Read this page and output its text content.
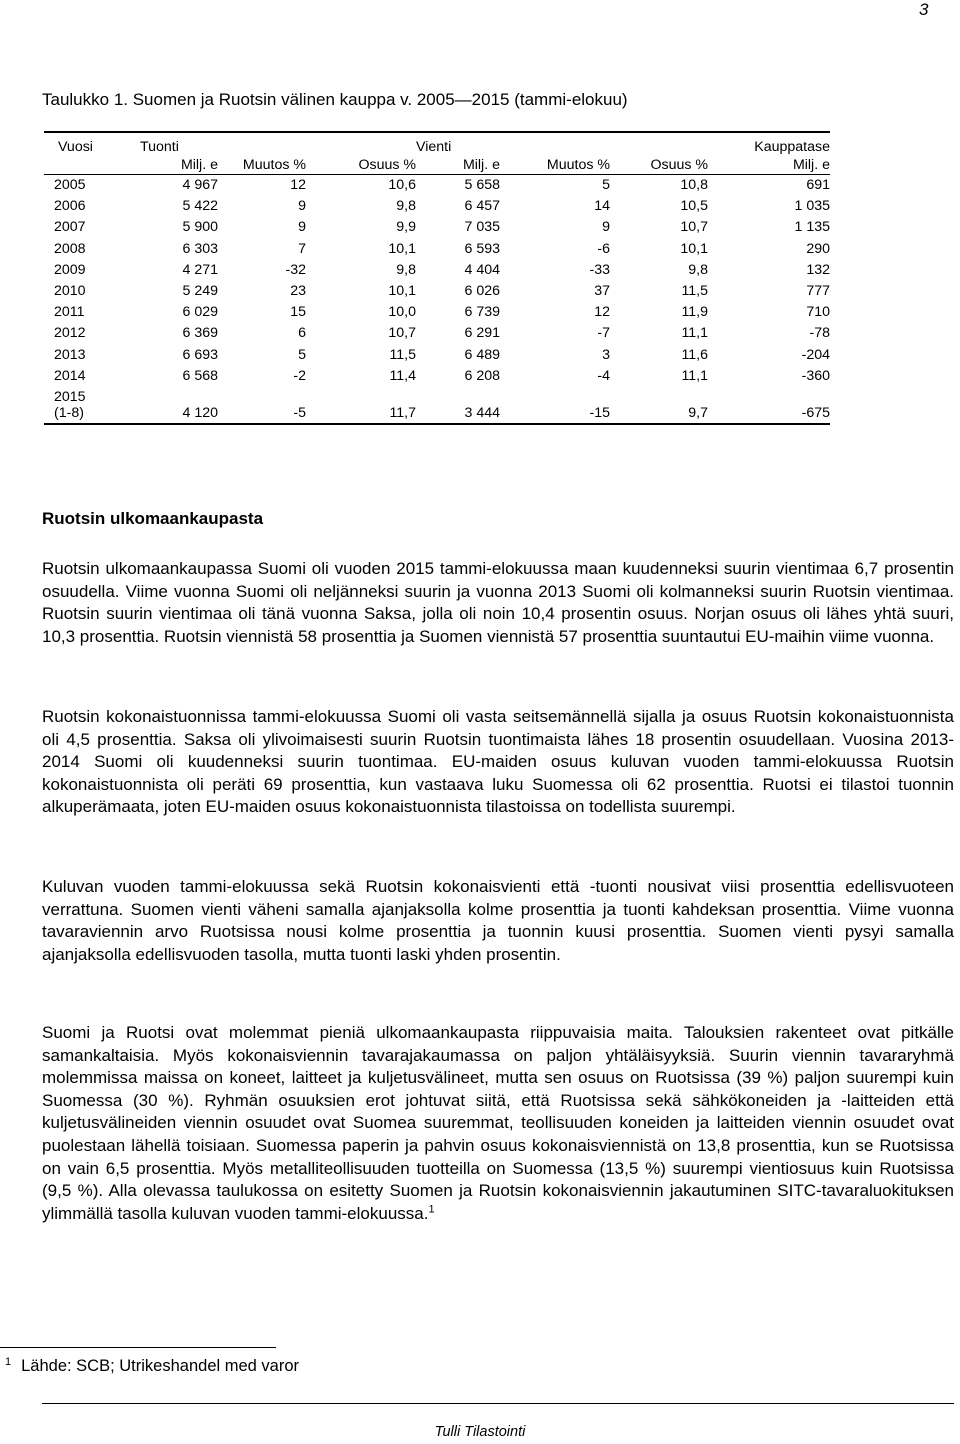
3
Taulukko 1. Suomen ja Ruotsin välinen kauppa v. 2005—2015 (tammi-elokuu)
Vuosi	Tuonti			Vienti			Kauppatase
	Milj. e	Muutos %	Osuus %	Milj. e	Muutos %	Osuus %	Milj. e
2005	4 967	12	10,6	5 658	5	10,8	691
2006	5 422	9	9,8	6 457	14	10,5	1 035
2007	5 900	9	9,9	7 035	9	10,7	1 135
2008	6 303	7	10,1	6 593	-6	10,1	290
2009	4 271	-32	9,8	4 404	-33	9,8	132
2010	5 249	23	10,1	6 026	37	11,5	777
2011	6 029	15	10,0	6 739	12	11,9	710
2012	6 369	6	10,7	6 291	-7	11,1	-78
2013	6 693	5	11,5	6 489	3	11,6	-204
2014	6 568	-2	11,4	6 208	-4	11,1	-360
2015
(1-8)	4 120	-5	11,7	3 444	-15	9,7	-675
Ruotsin ulkomaankaupasta
Ruotsin ulkomaankaupassa Suomi oli vuoden 2015 tammi-elokuussa maan kuudenneksi suurin vientimaa 6,7 prosentin osuudella. Viime vuonna Suomi oli neljänneksi suurin ja vuonna 2013 Suomi oli kolmanneksi suurin Ruotsin vientimaa. Ruotsin suurin vientimaa oli tänä vuonna Saksa, jolla oli noin 10,4 prosentin osuus. Norjan osuus oli lähes yhtä suuri, 10,3 prosenttia. Ruotsin viennistä 58 prosenttia ja Suomen viennistä 57 prosenttia suuntautui EU-maihin viime vuonna.
Ruotsin kokonaistuonnissa tammi-elokuussa Suomi oli vasta seitsemännellä sijalla ja osuus Ruotsin kokonaistuonnista oli 4,5 prosenttia. Saksa oli ylivoimaisesti suurin Ruotsin tuontimaista lähes 18 prosentin osuudellaan. Vuosina 2013-2014 Suomi oli kuudenneksi suurin tuontimaa. EU-maiden osuus kuluvan vuoden tammi-elokuussa Ruotsin kokonaistuonnista oli peräti 69 prosenttia, kun vastaava luku Suomessa oli 62 prosenttia. Ruotsi ei tilastoi tuonnin alkuperämaata, joten EU-maiden osuus kokonaistuonnista tilastoissa on todellista suurempi.
Kuluvan vuoden tammi-elokuussa sekä Ruotsin kokonaisvienti että -tuonti nousivat viisi prosenttia edellisvuoteen verrattuna. Suomen vienti väheni samalla ajanjaksolla kolme prosenttia ja tuonti kahdeksan prosenttia. Viime vuonna tavaraviennin arvo Ruotsissa nousi kolme prosenttia ja tuonnin kuusi prosenttia. Suomen vienti pysyi samalla ajanjaksolla edellisvuoden tasolla, mutta tuonti laski yhden prosentin.
Suomi ja Ruotsi ovat molemmat pieniä ulkomaankaupasta riippuvaisia maita. Talouksien rakenteet ovat pitkälle samankaltaisia. Myös kokonaisviennin tavarajakaumassa on paljon yhtäläisyyksiä. Suurin viennin tavararyhmä molemmissa maissa on koneet, laitteet ja kuljetusvälineet, mutta sen osuus on Ruotsissa (39 %) paljon suurempi kuin Suomessa (30 %). Ryhmän osuuksien erot johtuvat siitä, että Ruotsissa sekä sähkökoneiden ja -laitteiden että kuljetusvälineiden viennin osuudet ovat Suomea suuremmat, teollisuuden koneiden ja laitteiden viennin osuudet ovat puolestaan lähellä toisiaan. Suomessa paperin ja pahvin osuus kokonaisviennistä on 13,8 prosenttia, kun se Ruotsissa on vain 6,5 prosenttia. Myös metalliteollisuuden tuotteilla on Suomessa (13,5 %) suurempi vientiosuus kuin Ruotsissa (9,5 %). Alla olevassa taulukossa on esitetty Suomen ja Ruotsin kokonaisviennin jakautuminen SITC-tavaraluokituksen ylimmällä tasolla kuluvan vuoden tammi-elokuussa.$^1$
$^1$ Lähde: SCB; Utrikeshandel med varor
Tulli Tilastointi
